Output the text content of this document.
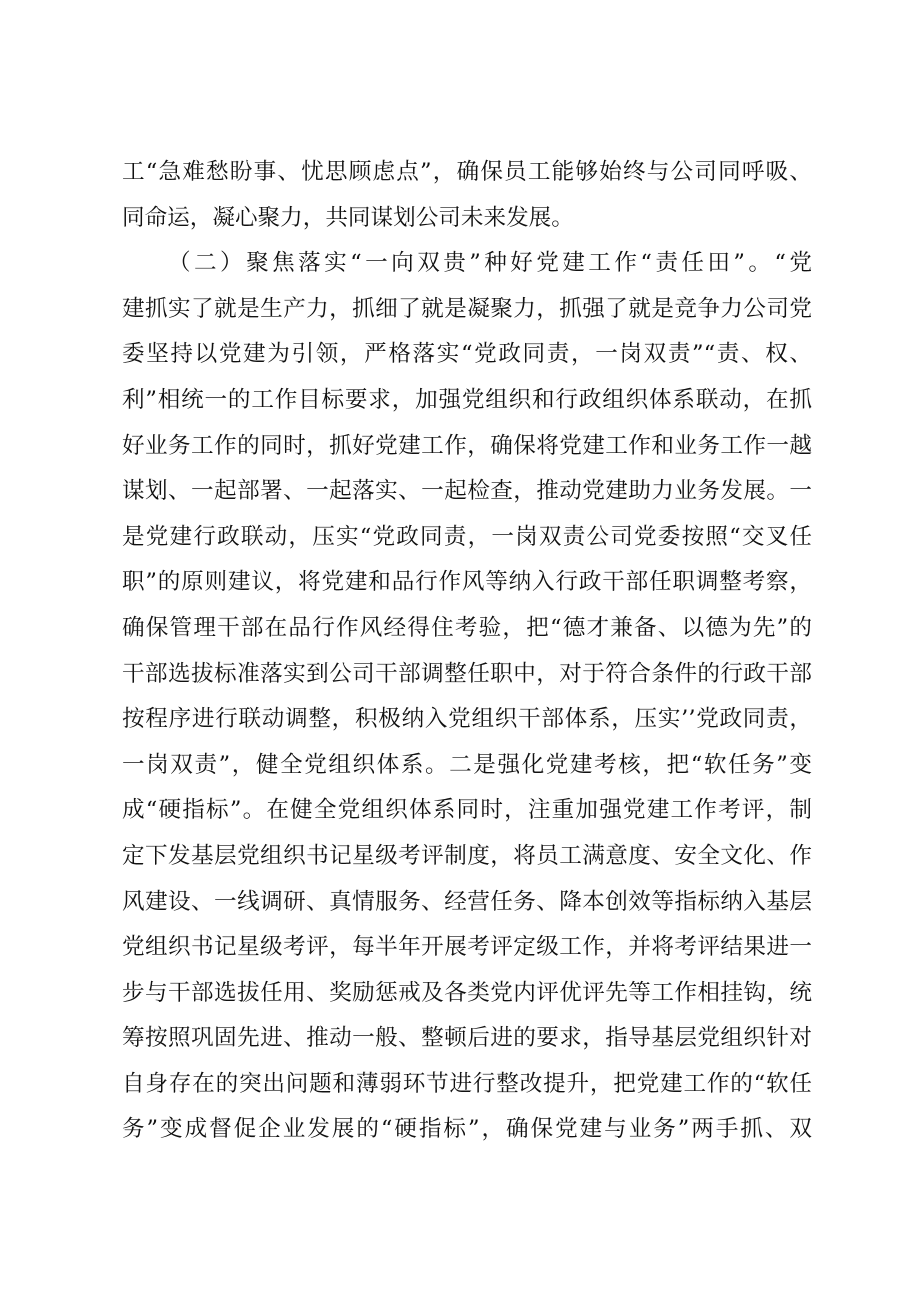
工“急难愁盼事、忧思顾虑点”，确保员工能够始终与公司同呼吸、
同命运，凝心聚力，共同谋划公司未来发展。
（二）聚焦落实“一向双贵”种好党建工作“责任田”。“党
建抓实了就是生产力，抓细了就是凝聚力，抓强了就是竞争力公司党
委坚持以党建为引领，严格落实“党政同责，一岗双责”“责、权、
利”相统一的工作目标要求，加强党组织和行政组织体系联动，在抓
好业务工作的同时，抓好党建工作，确保将党建工作和业务工作一越
谋划、一起部署、一起落实、一起检查，推动党建助力业务发展。一
是党建行政联动，压实“党政同责，一岗双责公司党委按照“交叉任
职”的原则建议，将党建和品行作风等纳入行政干部任职调整考察，
确保管理干部在品行作风经得住考验，把“德才兼备、以德为先”的
干部选拔标准落实到公司干部调整任职中，对于符合条件的行政干部
按程序进行联动调整，积极纳入党组织干部体系，压实’’党政同责，
一岗双责”，健全党组织体系。二是强化党建考核，把“软任务”变
成“硬指标”。在健全党组织体系同时，注重加强党建工作考评，制
定下发基层党组织书记星级考评制度，将员工满意度、安全文化、作
风建设、一线调研、真情服务、经营任务、降本创效等指标纳入基层
党组织书记星级考评，每半年开展考评定级工作，并将考评结果进一
步与干部选拔任用、奖励惩戒及各类党内评优评先等工作相挂钩，统
筹按照巩固先进、推动一般、整顿后进的要求，指导基层党组织针对
自身存在的突出问题和薄弱环节进行整改提升，把党建工作的“软任
务”变成督促企业发展的“硬指标”，确保党建与业务”两手抓、双
